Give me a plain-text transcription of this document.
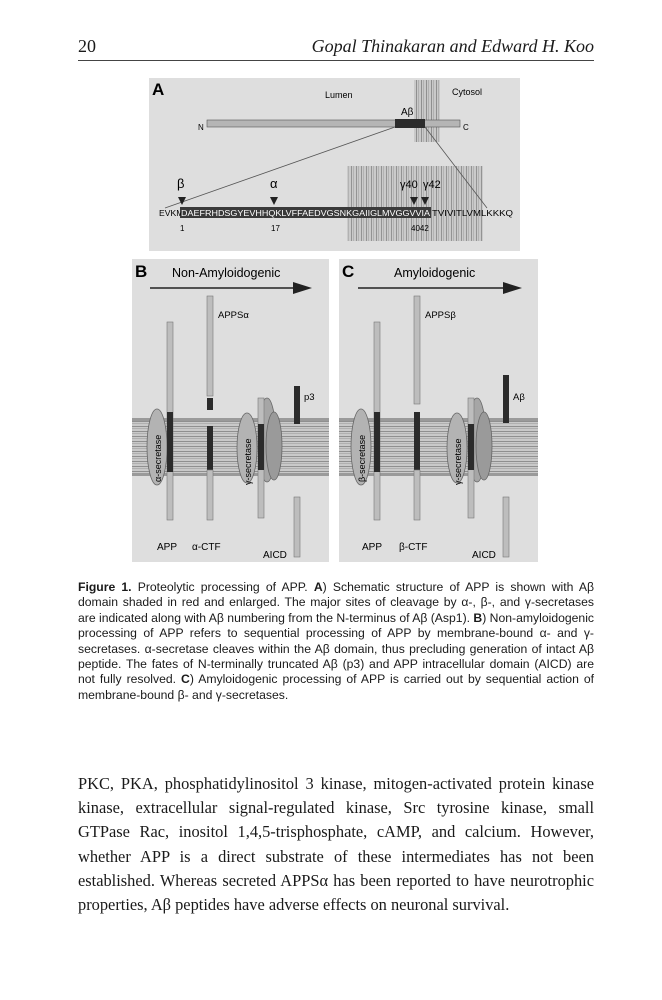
20	Gopal Thinakaran and Edward H. Koo
A	Lumen	Cytosol
Aβ
N	C
β	α	γ40 γ42
EVKM
DAEFRHDSGYEVHHQKLVFFAEDVGSNKGAIIGLMVGGVVIA TVIVITLVMLKKKQ
1	17	4042
B Non-Amyloidogenic
α-secretase
APPSα
γ-secretase
p3
APP α-CTF
AICD
C	Amyloidogenic
β-secretase
APPSβ
γ-secretase
Aβ
APP β-CTF
AICD
Figure 1. Proteolytic processing of APP. A) Schematic structure of APP is shown with Aβ domain shaded in red and enlarged. The major sites of cleavage by α-, β-, and γ-secretases are indicated along with Aβ numbering from the N-terminus of Aβ (Asp1). B) Non-amyloidogenic processing of APP refers to sequential processing of APP by membrane-bound α- and γ-secretases. α-secretase cleaves within the Aβ domain, thus precluding generation of intact Aβ peptide. The fates of N-terminally truncated Aβ (p3) and APP intracellular domain (AICD) are not fully resolved. C) Amyloidogenic processing of APP is carried out by sequential action of membrane-bound β- and γ-secretases.
PKC, PKA, phosphatidylinositol 3 kinase, mitogen-activated protein kinase kinase, extracellular signal-regulated kinase, Src tyrosine kinase, small GTPase Rac, inositol 1,4,5-trisphosphate, cAMP, and calcium. However, whether APP is a direct substrate of these intermediates has not been established. Whereas secreted APPSα has been reported to have neurotrophic properties, Aβ peptides have adverse effects on neuronal survival.
